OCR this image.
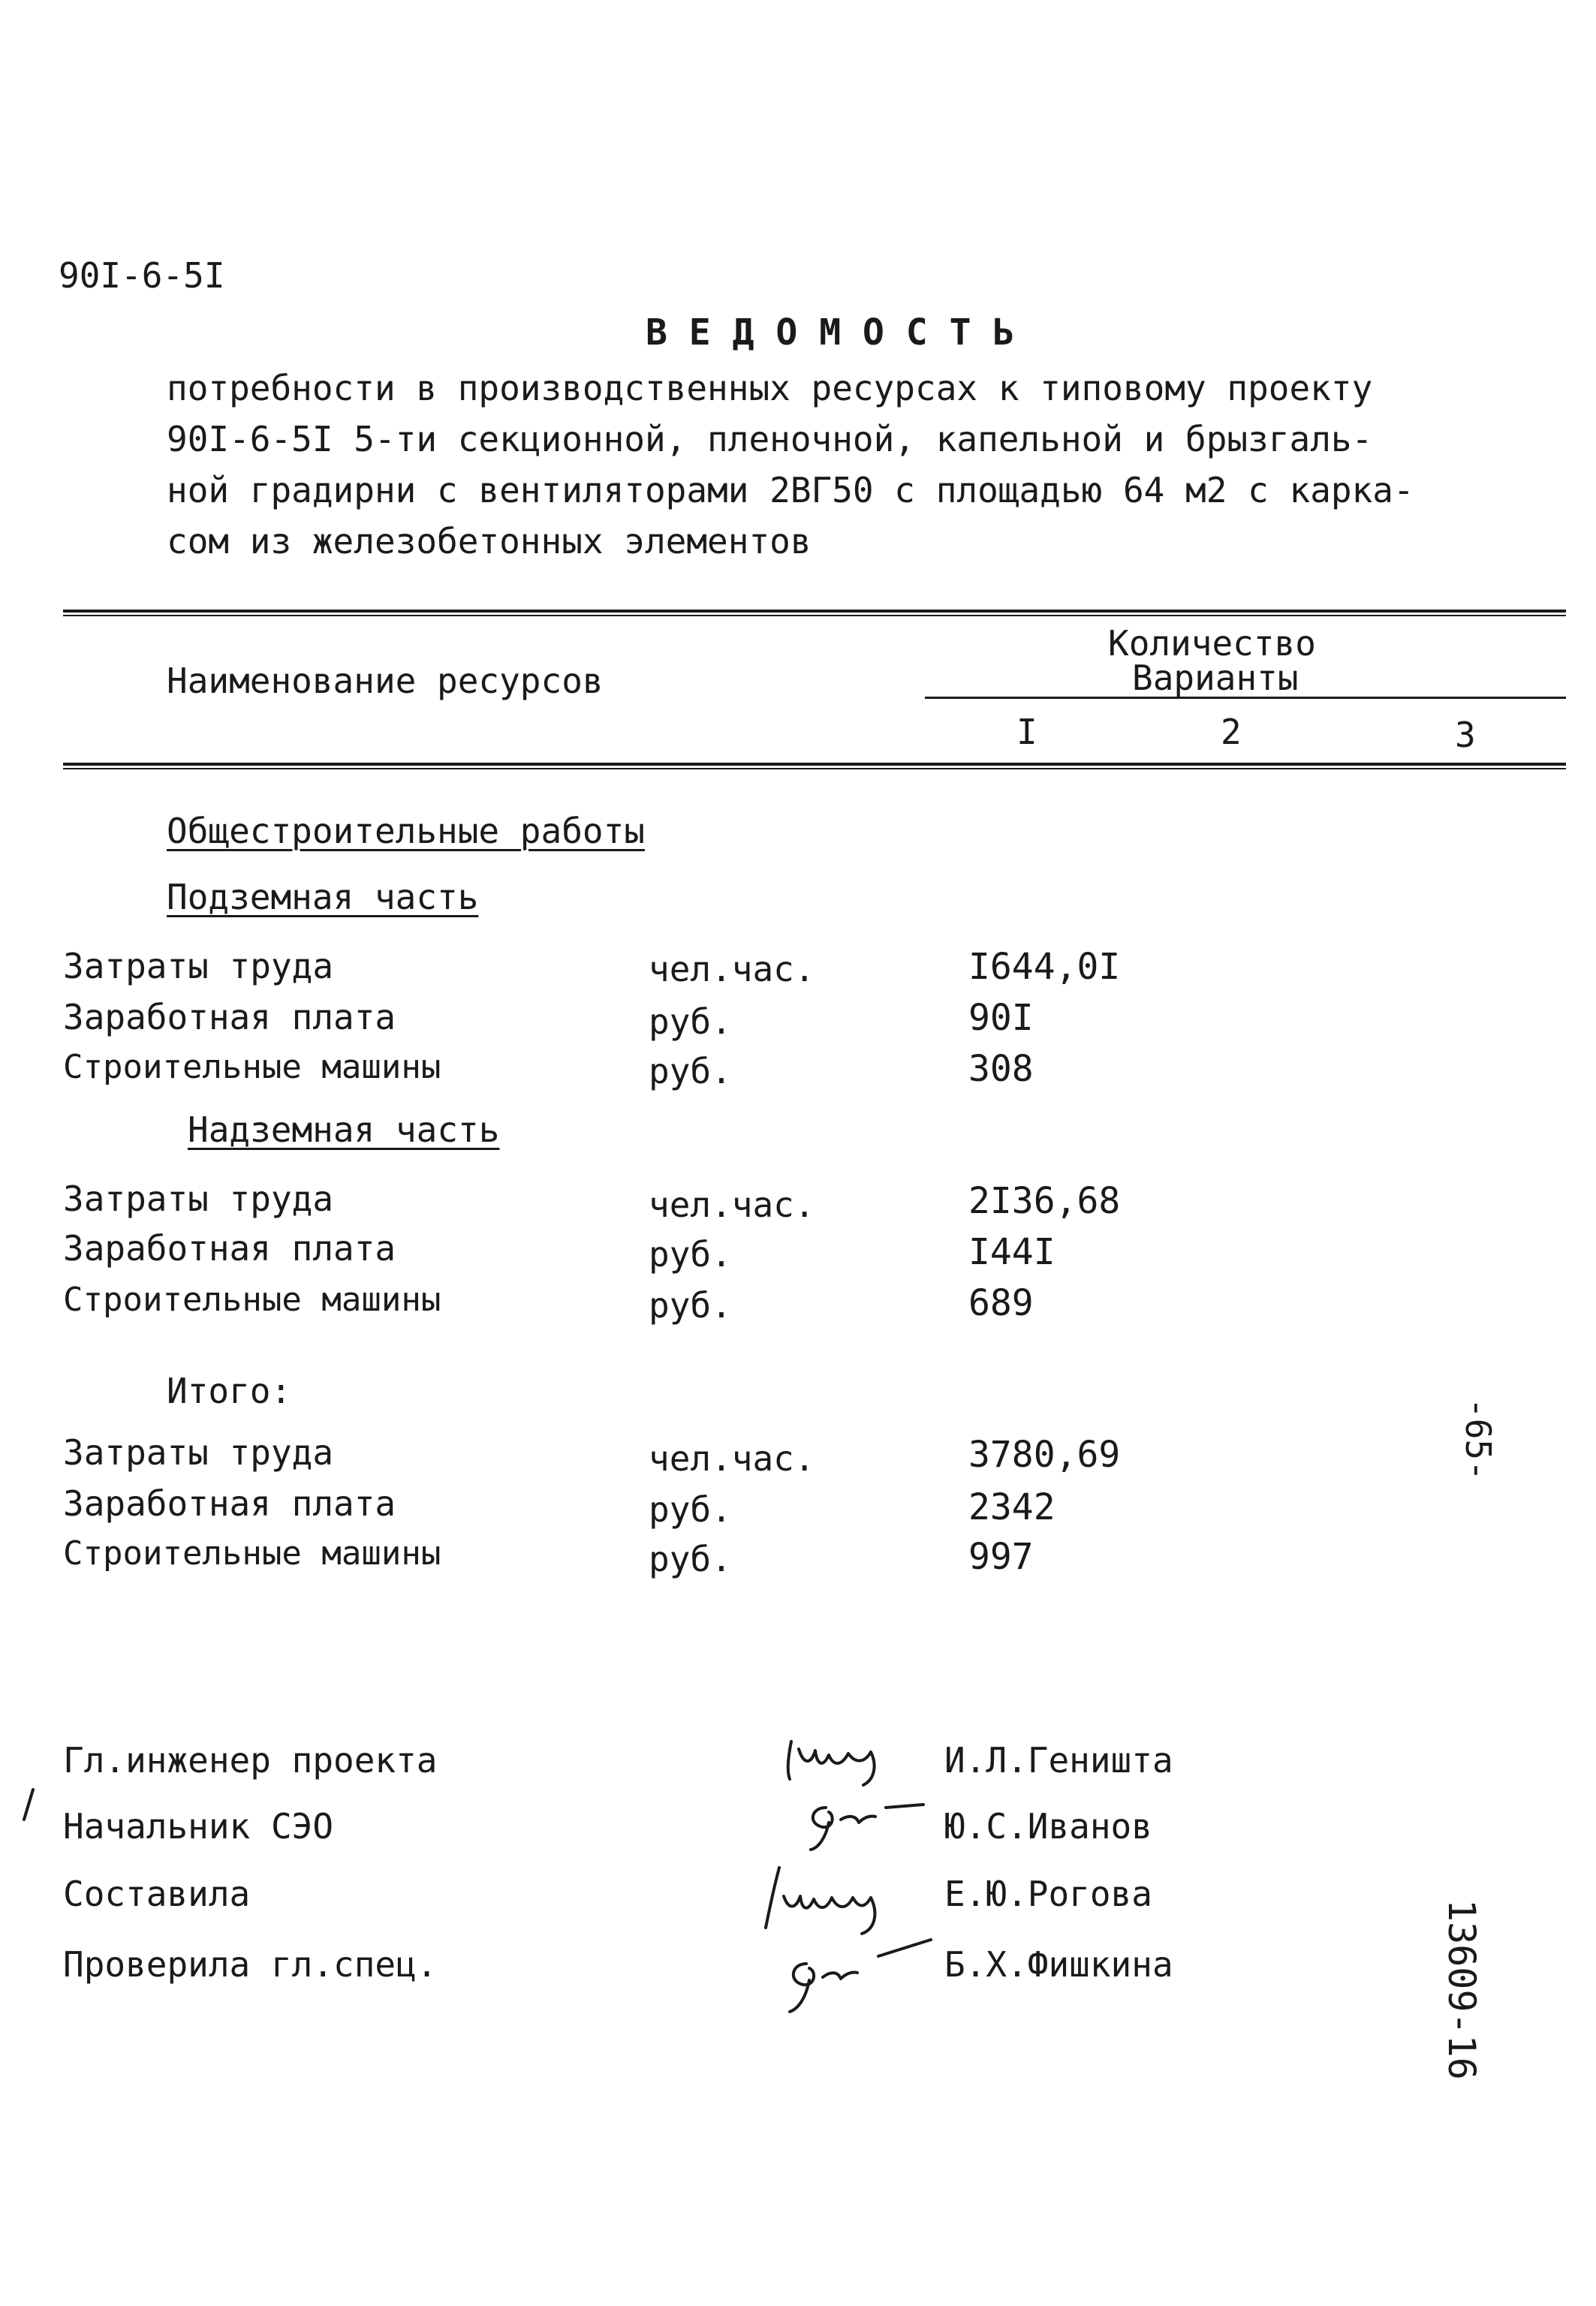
90I-6-5I
В Е Д О М О С Т Ь
потребности в производственных ресурсах к типовому проекту
90I-6-5I 5-ти секционной, пленочной, капельной и брызгаль-
ной градирни с вентиляторами 2ВГ50 с площадью 64 м2 с карка-
сом из железобетонных элементов
Наименование ресурсов
Количество
Варианты
I	2	3
Общестроительные работы
Подземная часть
Затраты труда	чел.час.	I644,0I
Заработная плата	руб.	90I
Строительные машины	руб.	308
Надземная часть
Затраты труда	чел.час.	2I36,68
Заработная плата	руб.	I44I
Строительные машины	руб.	689
Итого:
Затраты труда	чел.час.	3780,69
Заработная плата	руб.	2342
Строительные машины	руб.	997
-65-
Гл.инженер проекта	И.Л.Геништа
Начальник СЭО	Ю.С.Иванов
Составила	Е.Ю.Рогова
Проверила гл.спец.	Б.Х.Фишкина	13609-16
